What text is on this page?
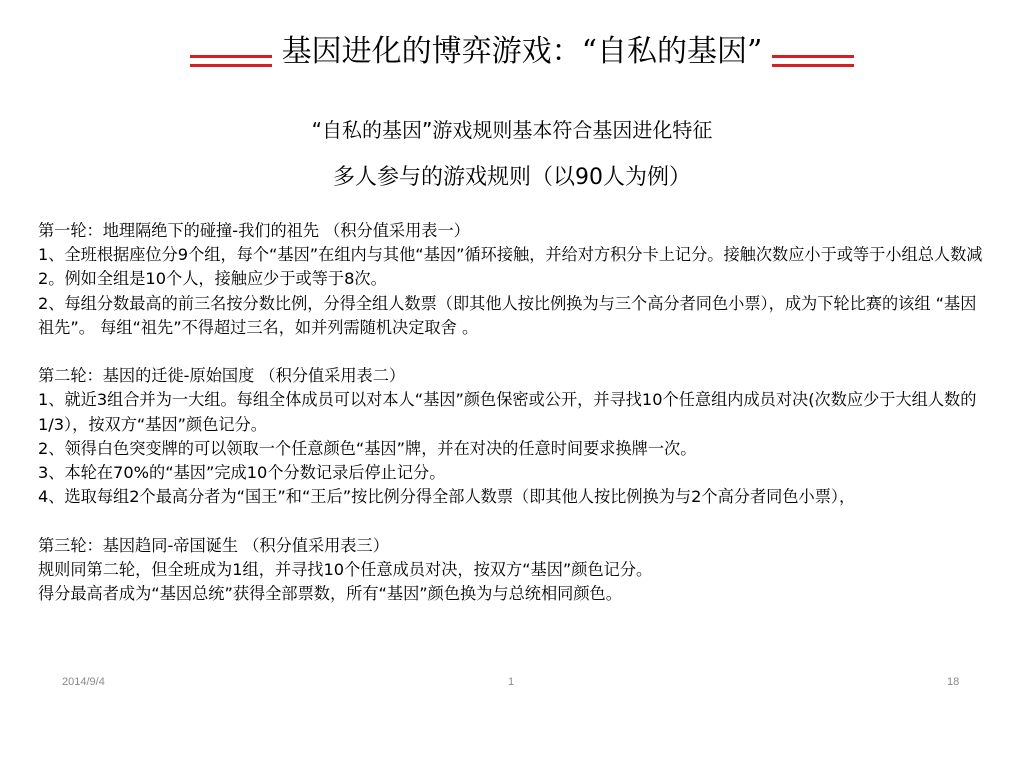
基因进化的博弈游戏：“自私的基因”
“自私的基因”游戏规则基本符合基因进化特征
多人参与的游戏规则（以90人为例）

第一轮：地理隔绝下的碰撞-我们的祖先 （积分值采用表一）

1、全班根据座位分9个组，每个“基因”在组内与其他“基因”循环接触，并给对方积分卡上记分。接触次数应小于或等于小组总人数减2。例如全组是10个人，接触应少于或等于8次。

2、每组分数最高的前三名按分数比例，分得全组人数票（即其他人按比例换为与三个高分者同色小票），成为下轮比赛的该组 “基因祖先”。 每组“祖先”不得超过三名，如并列需随机决定取舍 。

第二轮：基因的迁徙-原始国度 （积分值采用表二）

1、就近3组合并为一大组。每组全体成员可以对本人“基因”颜色保密或公开，并寻找10个任意组内成员对决(次数应少于大组人数的1/3），按双方“基因”颜色记分。

2、领得白色突变牌的可以领取一个任意颜色“基因”牌，并在对决的任意时间要求换牌一次。

3、本轮在70%的“基因”完成10个分数记录后停止记分。

4、选取每组2个最高分者为“国王”和“王后”按比例分得全部人数票（即其他人按比例换为与2个高分者同色小票），

第三轮：基因趋同-帝国诞生 （积分值采用表三）

规则同第二轮，但全班成为1组，并寻找10个任意成员对决，按双方“基因”颜色记分。

得分最高者成为“基因总统”获得全部票数，所有“基因”颜色换为与总统相同颜色。

2014/9/4	1	18
